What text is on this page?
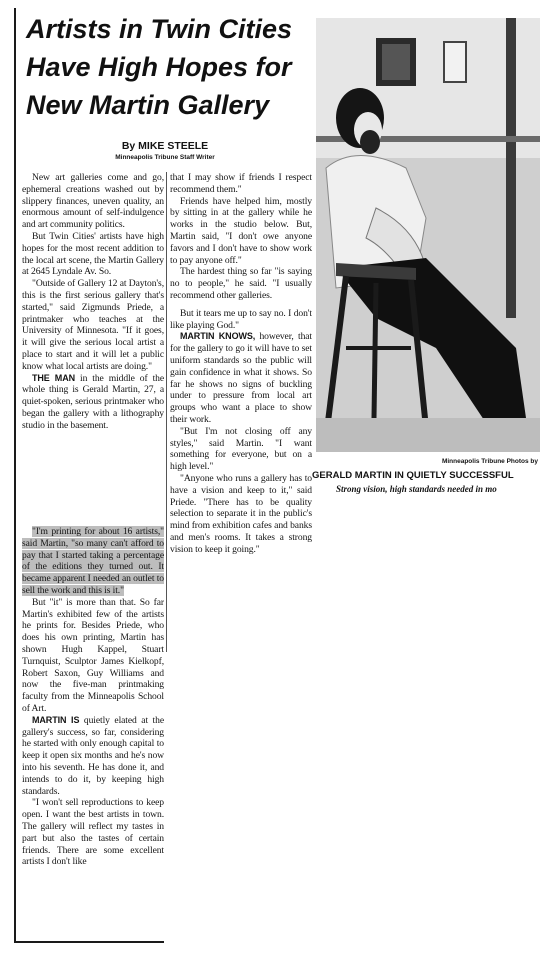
Artists in Twin Cities
Have High Hopes for
New Martin Gallery
By MIKE STEELE
Minneapolis Tribune Staff Writer
Minneapolis Tribune Photos by
GERALD MARTIN IN QUIETLY SUCCESSFUL
Strong vision, high standards needed in mo

New art galleries come and go, ephemeral creations washed out by slippery finances, uneven quality, an enormous amount of self-indulgence and art community politics.

But Twin Cities' artists have high hopes for the most recent addition to the local art scene, the Martin Gallery at 2645 Lyndale Av. So.

"Outside of Gallery 12 at Dayton's, this is the first serious gallery that's started," said Zigmunds Priede, a printmaker who teaches at the University of Minnesota. "If it goes, it will give the serious local artist a place to start and it will let a public know what local artists are doing."

THE MAN in the middle of the whole thing is Gerald Martin, 27, a quiet-spoken, serious printmaker who began the gallery with a lithography studio in the basement.

that I may show if friends I respect recommend them."

Friends have helped him, mostly by sitting in at the gallery while he works in the studio below. But, Martin said, "I don't owe anyone favors and I don't have to show work to pay anyone off."

The hardest thing so far "is saying no to people," he said. "I usually recommend other galleries.

But it tears me up to say no. I don't like playing God."

MARTIN KNOWS, however, that for the gallery to go it will have to set uniform standards so the public will gain confidence in what it shows. So far he shows no signs of buckling under to pressure from local art groups who want a place to show their work.

"But I'm not closing off any styles," said Martin. "I want something for everyone, but on a high level."

"Anyone who runs a gallery has to have a vision and keep to it," said Priede. "There has to be quality selection to separate it in the public's mind from exhibition cafes and banks and men's rooms. It takes a strong vision to keep it going."

"I'm printing for about 16 artists," said Martin, "so many can't afford to pay that I started taking a percentage of the editions they turned out. It became apparent I needed an outlet to sell the work and this is it."

But "it" is more than that. So far Martin's exhibited few of the artists he prints for. Besides Priede, who does his own printing, Martin has shown Hugh Kappel, Stuart Turnquist, Sculptor James Kielkopf, Robert Saxon, Guy Williams and now the five-man printmaking faculty from the Minneapolis School of Art.

MARTIN IS quietly elated at the gallery's success, so far, considering he started with only enough capital to keep it open six months and he's now into his seventh. He has done it, and intends to do it, by keeping high standards.

"I won't sell reproductions to keep open. I want the best artists in town. The gallery will reflect my tastes in part but also the tastes of certain friends. There are some excellent artists I don't like
